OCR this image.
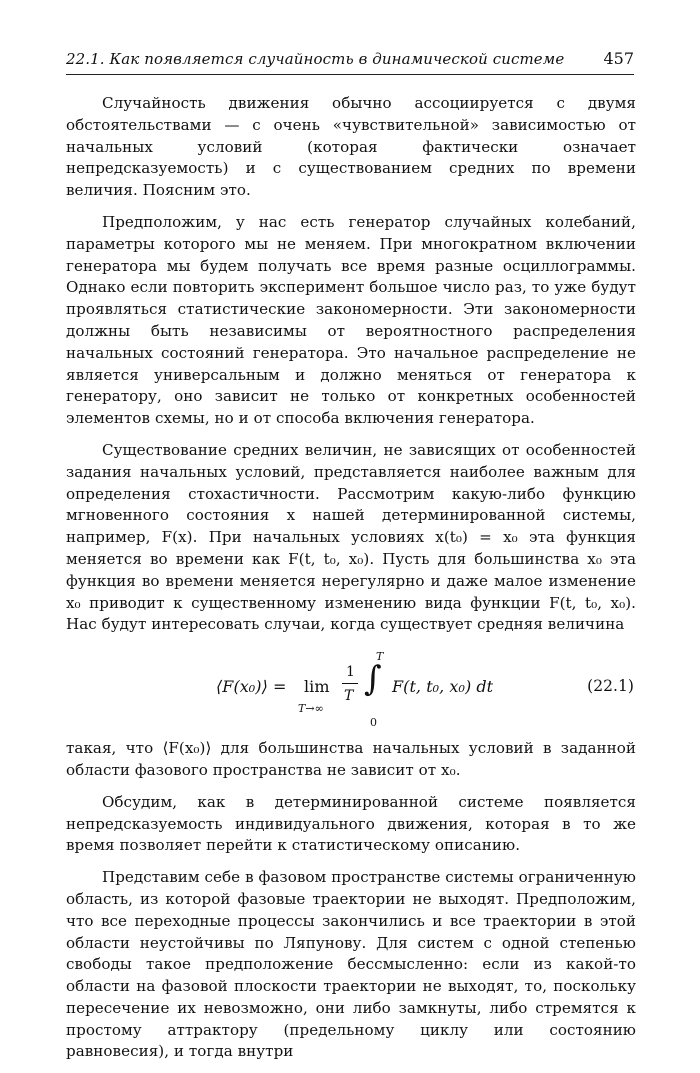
22.1. Как появляется случайность в динамической системе 457

Случайность движения обычно ассоциируется с двумя обстоятельствами — с очень «чувствительной» зависимостью от начальных условий (которая фактически означает непредсказуемость) и с существованием средних по времени величия. Поясним это.

Предположим, у нас есть генератор случайных колебаний, параметры которого мы не меняем. При многократном включении генератора мы будем получать все время разные осциллограммы. Однако если повторить эксперимент большое число раз, то уже будут проявляться статистические закономерности. Эти закономерности должны быть независимы от вероятностного распределения начальных состояний генератора. Это начальное распределение не является универсальным и должно меняться от генератора к генератору, оно зависит не только от конкретных особенностей элементов схемы, но и от способа включения генератора.

Существование средних величин, не зависящих от особенностей задания начальных условий, представляется наиболее важным для определения стохастичности. Рассмотрим какую-либо функцию мгновенного состояния x нашей детерминированной системы, например, F(x). При начальных условиях x(t₀) = x₀ эта функция меняется во времени как F(t, t₀, x₀). Пусть для большинства x₀ эта функция во времени меняется нерегулярно и даже малое изменение x₀ приводит к существенному изменению вида функции F(t, t₀, x₀). Нас будут интересовать случаи, когда существует средняя величина

⟨F(x₀)⟩ = lim
T→∞
1
T ∫
T
0
F(t, t₀, x₀) dt	(22.1)

такая, что ⟨F(x₀)⟩ для большинства начальных условий в заданной области фазового пространства не зависит от x₀.

Обсудим, как в детерминированной системе появляется непредсказуемость индивидуального движения, которая в то же время позволяет перейти к статистическому описанию.

Представим себе в фазовом пространстве системы ограниченную область, из которой фазовые траектории не выходят. Предположим, что все переходные процессы закончились и все траектории в этой области неустойчивы по Ляпунову. Для систем с одной степенью свободы такое предположение бессмысленно: если из какой-то области на фазовой плоскости траектории не выходят, то, поскольку пересечение их невозможно, они либо замкнуты, либо стремятся к простому аттрактору (предельному циклу или состоянию равновесия), и тогда внутри
